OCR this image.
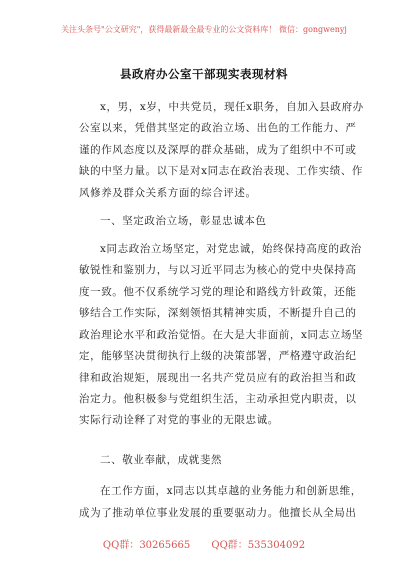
关注头条号"公文研究"，获得最新最全最专业的公文资料库！ 微信：gongwenyj
县政府办公室干部现实表现材料
x，男，x岁，中共党员，现任x职务，自加入县政府办
公室以来，凭借其坚定的政治立场、出色的工作能力、严
谨的作风态度以及深厚的群众基础，成为了组织中不可或
缺的中坚力量。以下是对x同志在政治表现、工作实绩、作
风修养及群众关系方面的综合评述。
一、坚定政治立场，彰显忠诚本色
x同志政治立场坚定，对党忠诚，始终保持高度的政治
敏锐性和鉴别力，与以习近平同志为核心的党中央保持高
度一致。他不仅系统学习党的理论和路线方针政策，还能
够结合工作实际，深刻领悟其精神实质，不断提升自己的
政治理论水平和政治觉悟。在大是大非面前，x同志立场坚
定，能够坚决贯彻执行上级的决策部署，严格遵守政治纪
律和政治规矩，展现出一名共产党员应有的政治担当和政
治定力。他积极参与党组织生活，主动承担党内职责，以
实际行动诠释了对党的事业的无限忠诚。
二、敬业奉献，成就斐然
在工作方面，x同志以其卓越的业务能力和创新思维，
成为了推动单位事业发展的重要驱动力。他擅长从全局出
QQ群：30265665 QQ群：535304092
